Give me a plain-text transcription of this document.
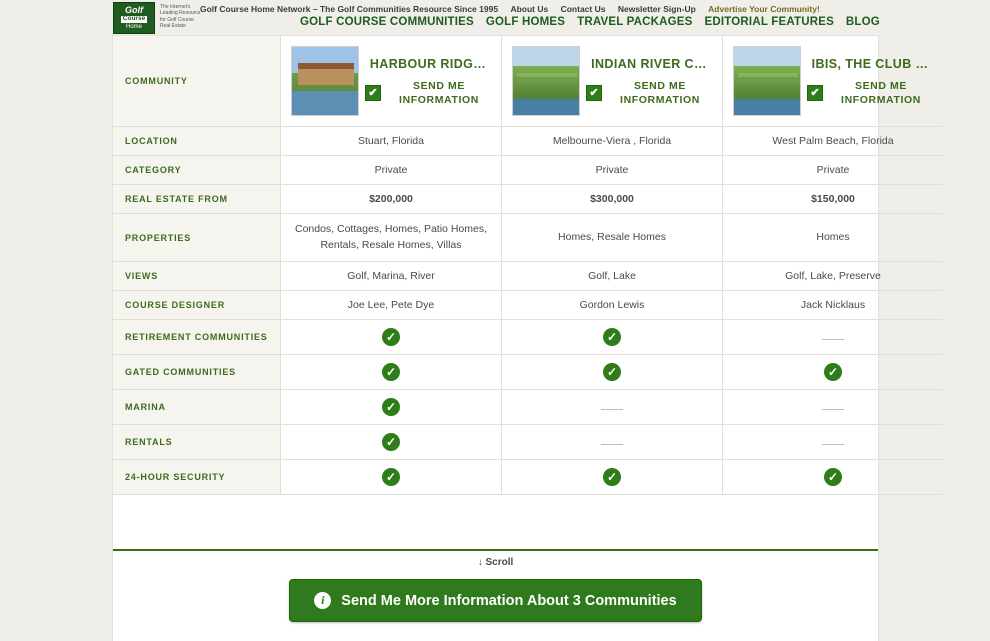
Golf
Course
Home
The Internet's Leading Resource for Golf Course Real Estate
Golf Course Home Network – The Golf Communities Resource Since 1995 About Us Contact Us Newsletter Sign-Up Advertise Your Community!
GOLF COURSE COMMUNITIES GOLF HOMES TRAVEL PACKAGES EDITORIAL FEATURES BLOG
COMMUNITY	
HARBOUR RIDG…
✔
SEND ME INFORMATION

INDIAN RIVER C…
✔
SEND ME INFORMATION

IBIS, THE CLUB …
✔
SEND ME INFORMATION

LOCATION	Stuart, Florida	Melbourne-Viera , Florida	West Palm Beach, Florida
CATEGORY	Private	Private	Private
REAL ESTATE FROM	$200,000	$300,000	$150,000
PROPERTIES	Condos, Cottages, Homes, Patio Homes, Rentals, Resale Homes, Villas	Homes, Resale Homes	Homes
VIEWS	Golf, Marina, River	Golf, Lake	Golf, Lake, Preserve
COURSE DESIGNER	Joe Lee, Pete Dye	Gordon Lewis	Jack Nicklaus
RETIREMENT COMMUNITIES	✓	✓	
GATED COMMUNITIES	✓	✓	✓
MARINA	✓		
RENTALS	✓		
24-HOUR SECURITY	✓	✓	✓
↓ Scroll
i	Send Me More Information About 3 Communities
